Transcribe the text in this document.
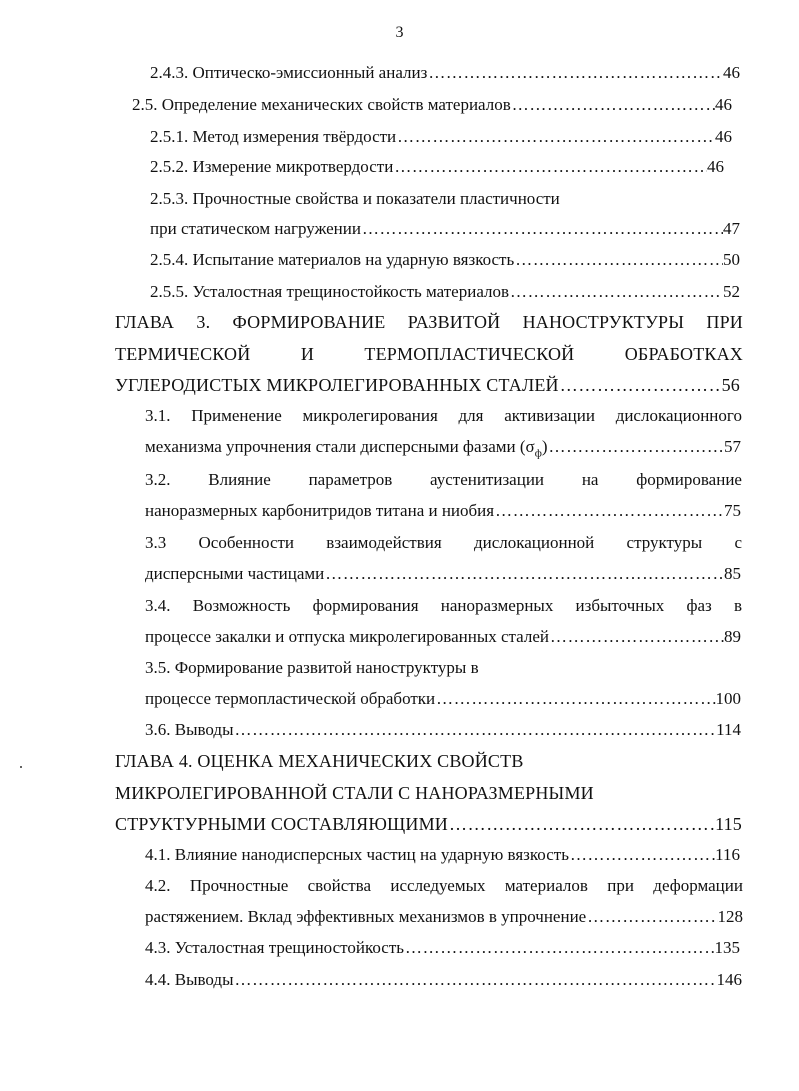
3
2.4.3. Оптическо-эмиссионный анализ ……………………………………………………………………………………………………………………………………………………………………………………………………………………………	46
2.5. Определение механических свойств материалов ……………………………………………………………………………………………………………………………………………………………………………………………………………………………	46
2.5.1. Метод измерения твёрдости ……………………………………………………………………………………………………………………………………………………………………………………………………………………………	46
2.5.2. Измерение микротвердости ……………………………………………………………………………………………………………………………………………………………………………………………………………………………	46
2.5.3. Прочностные свойства и показатели пластичности
при статическом нагружении ……………………………………………………………………………………………………………………………………………………………………………………………………………………………	47
2.5.4. Испытание материалов на ударную вязкость ……………………………………………………………………………………………………………………………………………………………………………………………………………………………	50
2.5.5. Усталостная трещиностойкость материалов ……………………………………………………………………………………………………………………………………………………………………………………………………………………………	52
ГЛАВА 3. ФОРМИРОВАНИЕ РАЗВИТОЙ НАНОСТРУКТУРЫ ПРИ
ТЕРМИЧЕСКОЙ	И	ТЕРМОПЛАСТИЧЕСКОЙ	ОБРАБОТКАХ
УГЛЕРОДИСТЫХ МИКРОЛЕГИРОВАННЫХ СТАЛЕЙ ……………………………………………………………………………………………………………………………………………………………………………………………………………………………	56
3.1. Применение микролегирования для активизации дислокационного
механизма упрочнения стали дисперсными фазами $(\sigma_ф)$ ……………………………………………………………………………………………………………………………………………………………………………………………………………………………	57
3.2. Влияние параметров аустенитизации на формирование
наноразмерных карбонитридов титана и ниобия ……………………………………………………………………………………………………………………………………………………………………………………………………………………………	75
3.3 Особенности взаимодействия дислокационной структуры с
дисперсными частицами ……………………………………………………………………………………………………………………………………………………………………………………………………………………………	85
3.4. Возможность формирования наноразмерных избыточных фаз в
процессе закалки и отпуска микролегированных сталей ……………………………………………………………………………………………………………………………………………………………………………………………………………………………	89
3.5. Формирование развитой наноструктуры в
процессе термопластической обработки ……………………………………………………………………………………………………………………………………………………………………………………………………………………………	100
3.6. Выводы ……………………………………………………………………………………………………………………………………………………………………………………………………………………………	114
ГЛАВА 4. ОЦЕНКА МЕХАНИЧЕСКИХ СВОЙСТВ
МИКРОЛЕГИРОВАННОЙ СТАЛИ С НАНОРАЗМЕРНЫМИ
СТРУКТУРНЫМИ СОСТАВЛЯЮЩИМИ ……………………………………………………………………………………………………………………………………………………………………………………………………………………………	115
4.1. Влияние нанодисперсных частиц на ударную вязкость ……………………………………………………………………………………………………………………………………………………………………………………………………………………………	116
4.2. Прочностные свойства исследуемых материалов при деформации
растяжением. Вклад эффективных механизмов в упрочнение ……………………………………………………………………………………………………………………………………………………………………………………………………………………………	128
4.3. Усталостная трещиностойкость ……………………………………………………………………………………………………………………………………………………………………………………………………………………………	135
4.4. Выводы ……………………………………………………………………………………………………………………………………………………………………………………………………………………………	146
